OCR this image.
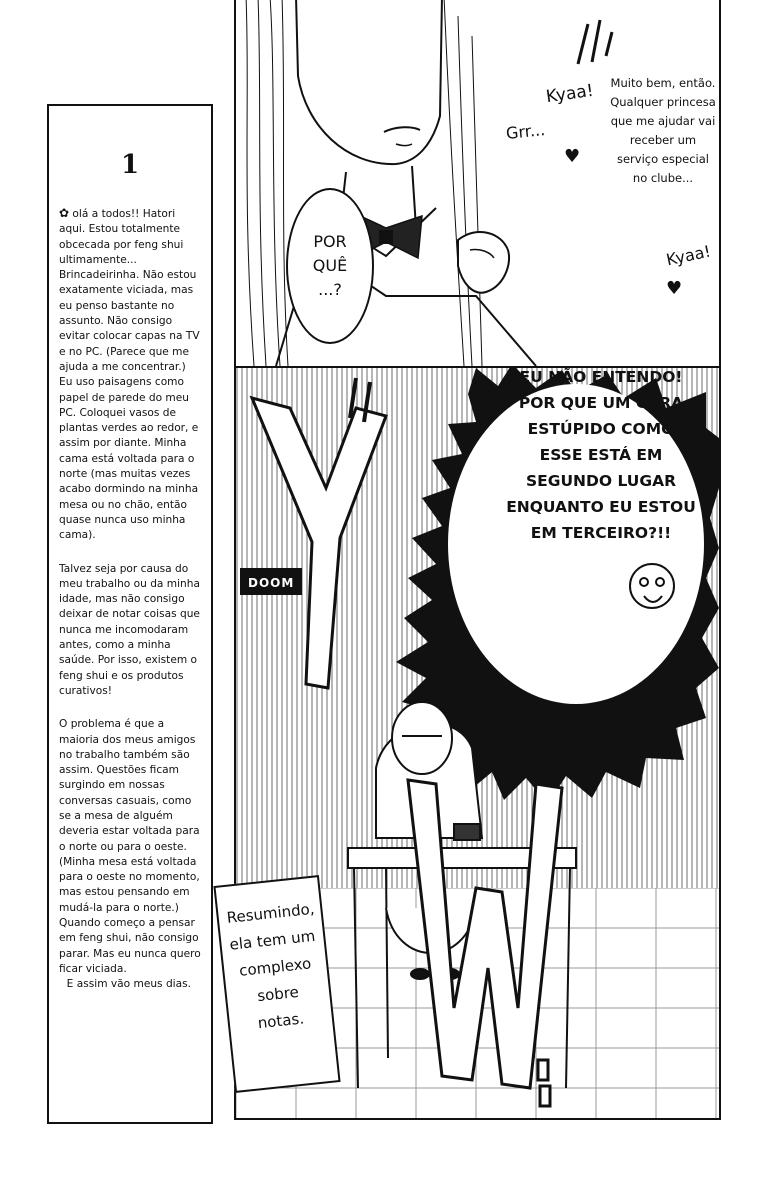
1

✿ olá a todos!! Hatori aqui. Estou totalmente obcecada por feng shui ultimamente... Brincadeirinha. Não estou exatamente viciada, mas eu penso bastante no assunto. Não consigo evitar colocar capas na TV e no PC. (Parece que me ajuda a me concentrar.) Eu uso paisagens como papel de parede do meu PC. Coloquei vasos de plantas verdes ao redor, e assim por diante. Minha cama está voltada para o norte (mas muitas vezes acabo dormindo na minha mesa ou no chão, então quase nunca uso minha cama).

Talvez seja por causa do meu trabalho ou da minha idade, mas não consigo deixar de notar coisas que nunca me incomodaram antes, como a minha saúde. Por isso, existem o feng shui e os produtos curativos!

O problema é que a maioria dos meus amigos no trabalho também são assim. Questões ficam surgindo em nossas conversas casuais, como se a mesa de alguém deveria estar voltada para o norte ou para o oeste. (Minha mesa está voltada para o oeste no momento, mas estou pensando em mudá-la para o norte.) Quando começo a pensar em feng shui, não consigo parar. Mas eu nunca quero ficar viciada.

E assim vão meus dias.
POR QUÊ ...?
Kyaa!
Grr...
♥
Muito bem, então. Qualquer princesa que me ajudar vai receber um serviço especial no clube...
Kyaa!
♥
EU NÃO ENTENDO! POR QUE UM CARA ESTÚPIDO COMO ESSE ESTÁ EM SEGUNDO LUGAR ENQUANTO EU ESTOU EM TERCEIRO?!!
DOOM
Resumindo, ela tem um complexo sobre notas.
